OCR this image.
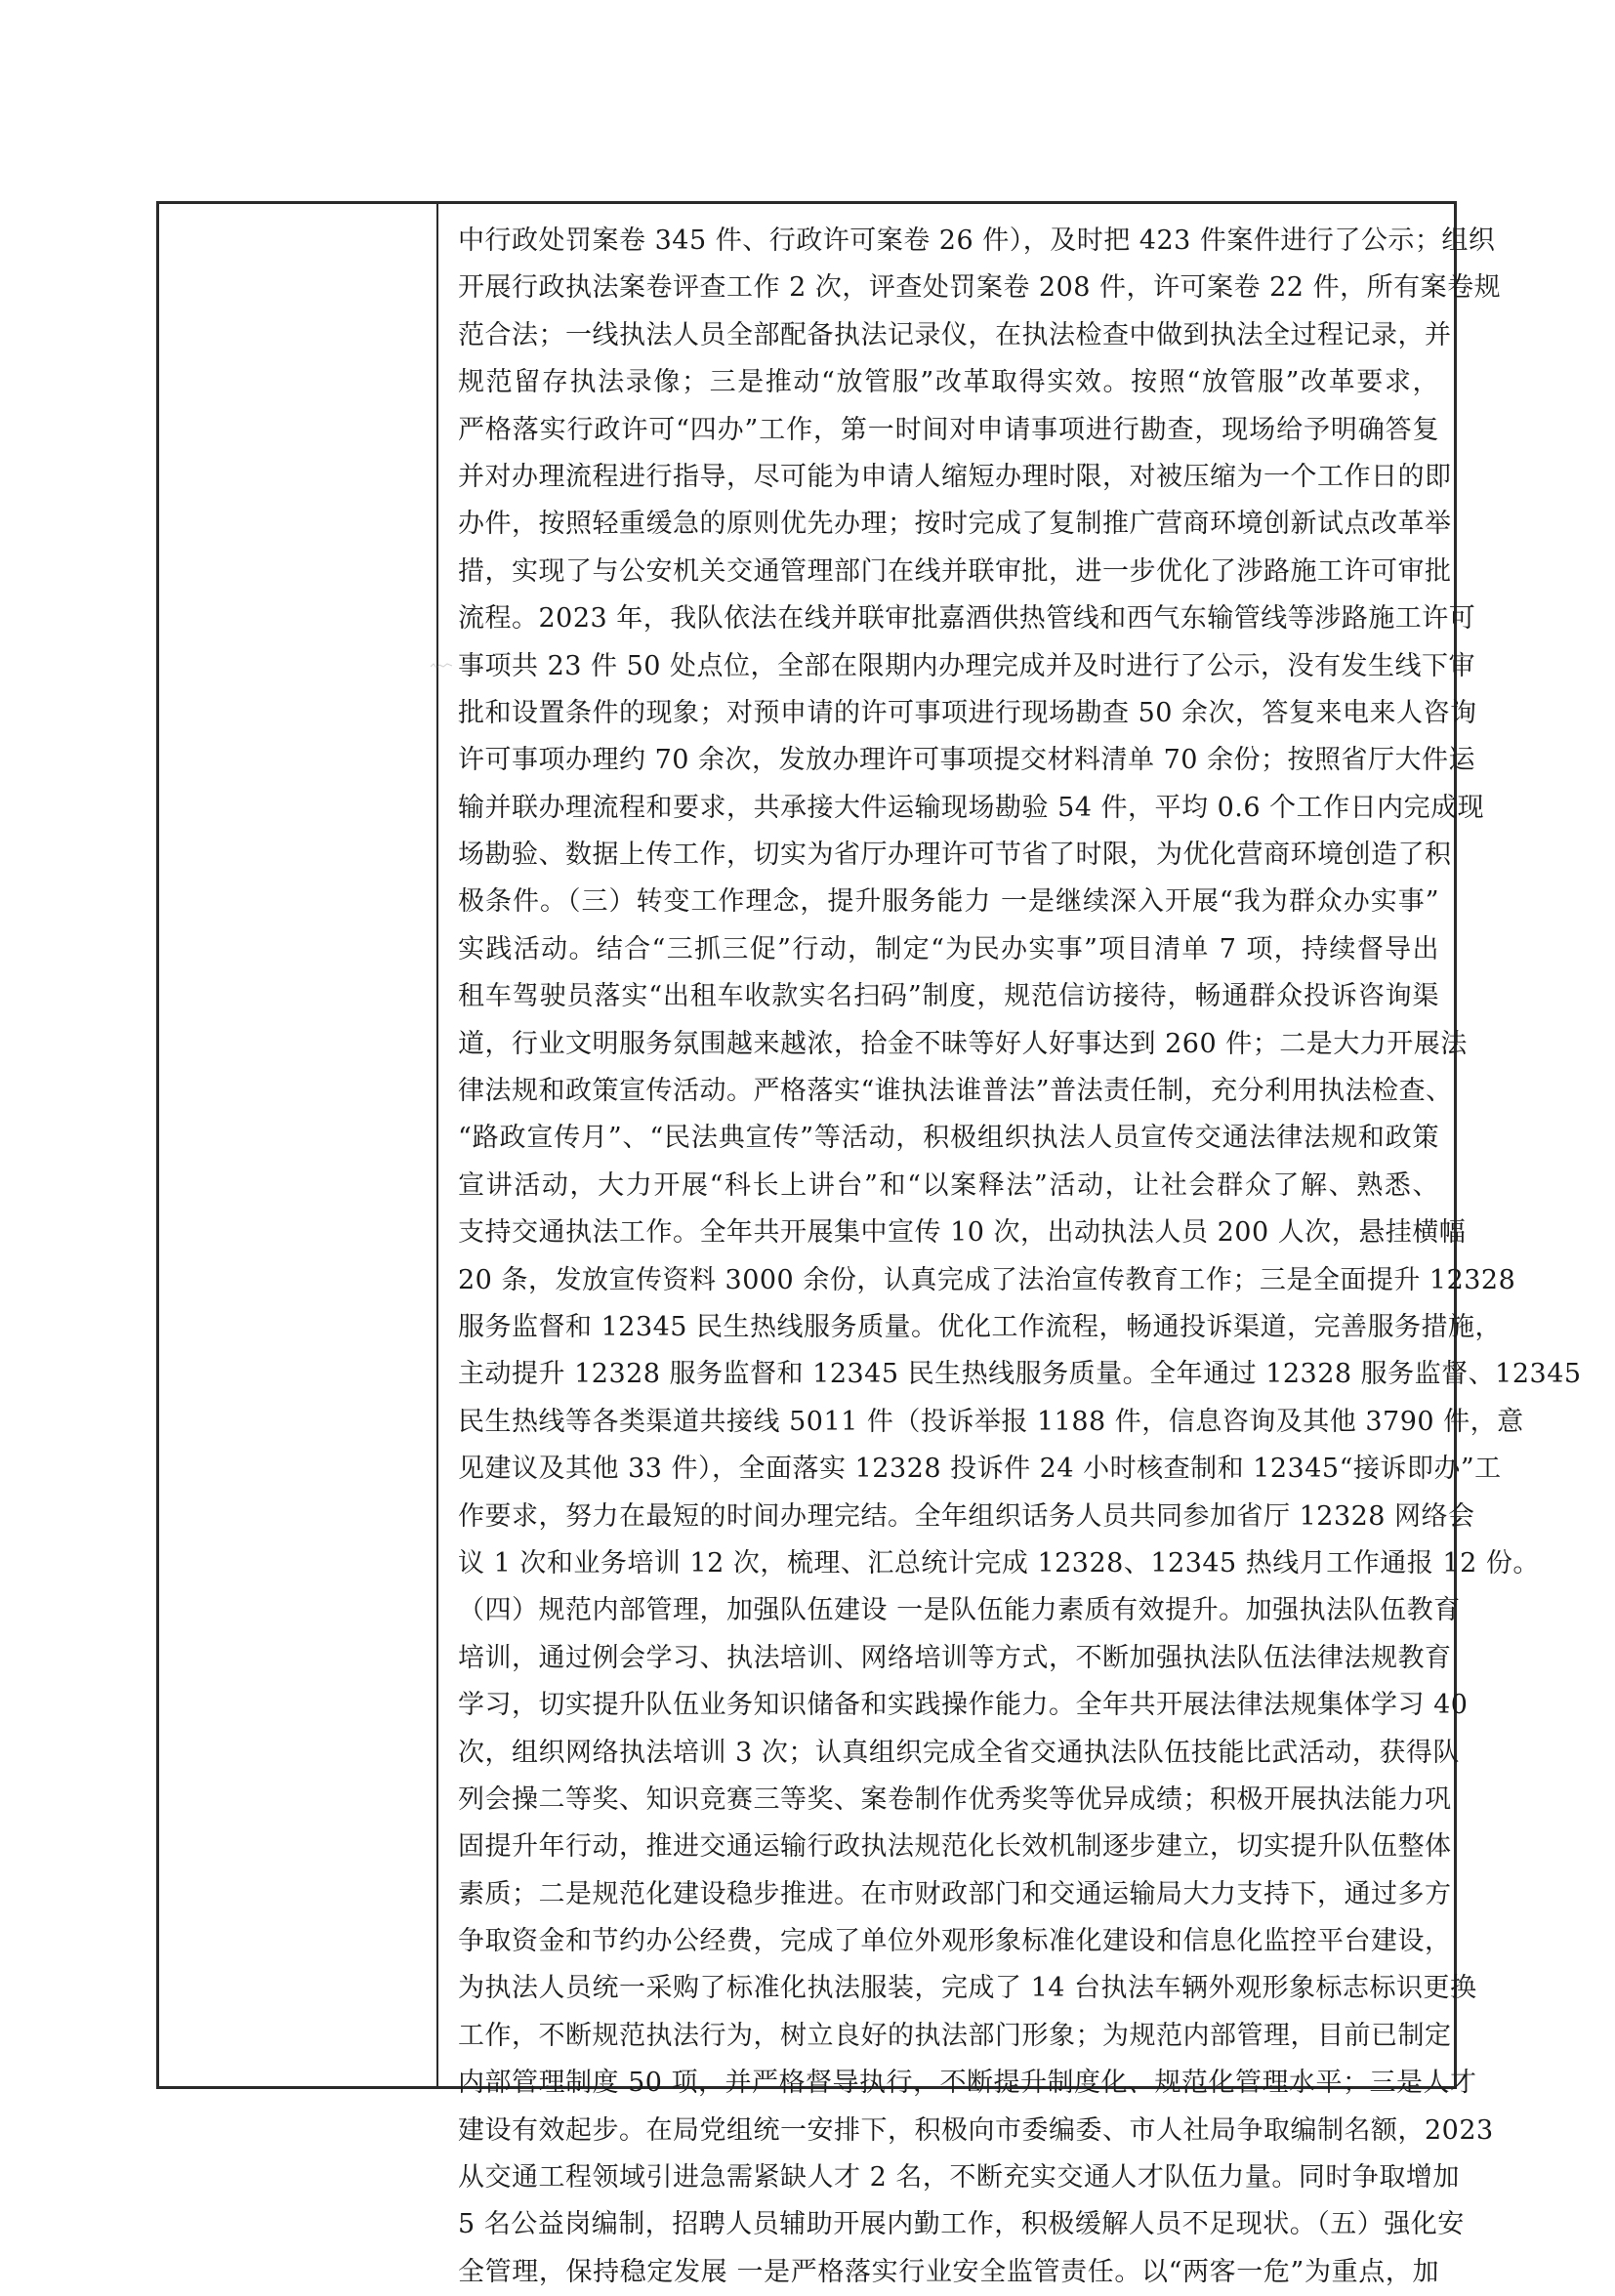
中行政处罚案卷 345 件、行政许可案卷 26 件），及时把 423 件案件进行了公示；组织
开展行政执法案卷评查工作 2 次，评查处罚案卷 208 件，许可案卷 22 件，所有案卷规
范合法；一线执法人员全部配备执法记录仪，在执法检查中做到执法全过程记录，并
规范留存执法录像；三是推动“放管服”改革取得实效。按照“放管服”改革要求，
严格落实行政许可“四办”工作，第一时间对申请事项进行勘查，现场给予明确答复
并对办理流程进行指导，尽可能为申请人缩短办理时限，对被压缩为一个工作日的即
办件，按照轻重缓急的原则优先办理；按时完成了复制推广营商环境创新试点改革举
措，实现了与公安机关交通管理部门在线并联审批，进一步优化了涉路施工许可审批
流程。2023 年，我队依法在线并联审批嘉酒供热管线和西气东输管线等涉路施工许可
事项共 23 件 50 处点位，全部在限期内办理完成并及时进行了公示，没有发生线下审
批和设置条件的现象；对预申请的许可事项进行现场勘查 50 余次，答复来电来人咨询
许可事项办理约 70 余次，发放办理许可事项提交材料清单 70 余份；按照省厅大件运
输并联办理流程和要求，共承接大件运输现场勘验 54 件，平均 0.6 个工作日内完成现
场勘验、数据上传工作，切实为省厅办理许可节省了时限，为优化营商环境创造了积
极条件。（三）转变工作理念，提升服务能力 一是继续深入开展“我为群众办实事”
实践活动。结合“三抓三促”行动，制定“为民办实事”项目清单 7 项，持续督导出
租车驾驶员落实“出租车收款实名扫码”制度，规范信访接待，畅通群众投诉咨询渠
道，行业文明服务氛围越来越浓，拾金不昧等好人好事达到 260 件；二是大力开展法
律法规和政策宣传活动。严格落实“谁执法谁普法”普法责任制，充分利用执法检查、
“路政宣传月”、“民法典宣传”等活动，积极组织执法人员宣传交通法律法规和政策
宣讲活动，大力开展“科长上讲台”和“以案释法”活动，让社会群众了解、熟悉、
支持交通执法工作。全年共开展集中宣传 10 次，出动执法人员 200 人次，悬挂横幅
20 条，发放宣传资料 3000 余份，认真完成了法治宣传教育工作；三是全面提升 12328
服务监督和 12345 民生热线服务质量。优化工作流程，畅通投诉渠道，完善服务措施，
主动提升 12328 服务监督和 12345 民生热线服务质量。全年通过 12328 服务监督、12345
民生热线等各类渠道共接线 5011 件（投诉举报 1188 件，信息咨询及其他 3790 件，意
见建议及其他 33 件），全面落实 12328 投诉件 24 小时核查制和 12345“接诉即办”工
作要求，努力在最短的时间办理完结。全年组织话务人员共同参加省厅 12328 网络会
议 1 次和业务培训 12 次，梳理、汇总统计完成 12328、12345 热线月工作通报 12 份。
（四）规范内部管理，加强队伍建设 一是队伍能力素质有效提升。加强执法队伍教育
培训，通过例会学习、执法培训、网络培训等方式，不断加强执法队伍法律法规教育
学习，切实提升队伍业务知识储备和实践操作能力。全年共开展法律法规集体学习 40
次，组织网络执法培训 3 次；认真组织完成全省交通执法队伍技能比武活动，获得队
列会操二等奖、知识竞赛三等奖、案卷制作优秀奖等优异成绩；积极开展执法能力巩
固提升年行动，推进交通运输行政执法规范化长效机制逐步建立，切实提升队伍整体
素质；二是规范化建设稳步推进。在市财政部门和交通运输局大力支持下，通过多方
争取资金和节约办公经费，完成了单位外观形象标准化建设和信息化监控平台建设，
为执法人员统一采购了标准化执法服装，完成了 14 台执法车辆外观形象标志标识更换
工作，不断规范执法行为，树立良好的执法部门形象；为规范内部管理，目前已制定
内部管理制度 50 项，并严格督导执行，不断提升制度化、规范化管理水平；三是人才
建设有效起步。在局党组统一安排下，积极向市委编委、市人社局争取编制名额，2023
从交通工程领域引进急需紧缺人才 2 名，不断充实交通人才队伍力量。同时争取增加
5 名公益岗编制，招聘人员辅助开展内勤工作，积极缓解人员不足现状。（五）强化安
全管理，保持稳定发展 一是严格落实行业安全监管责任。以“两客一危”为重点，加
